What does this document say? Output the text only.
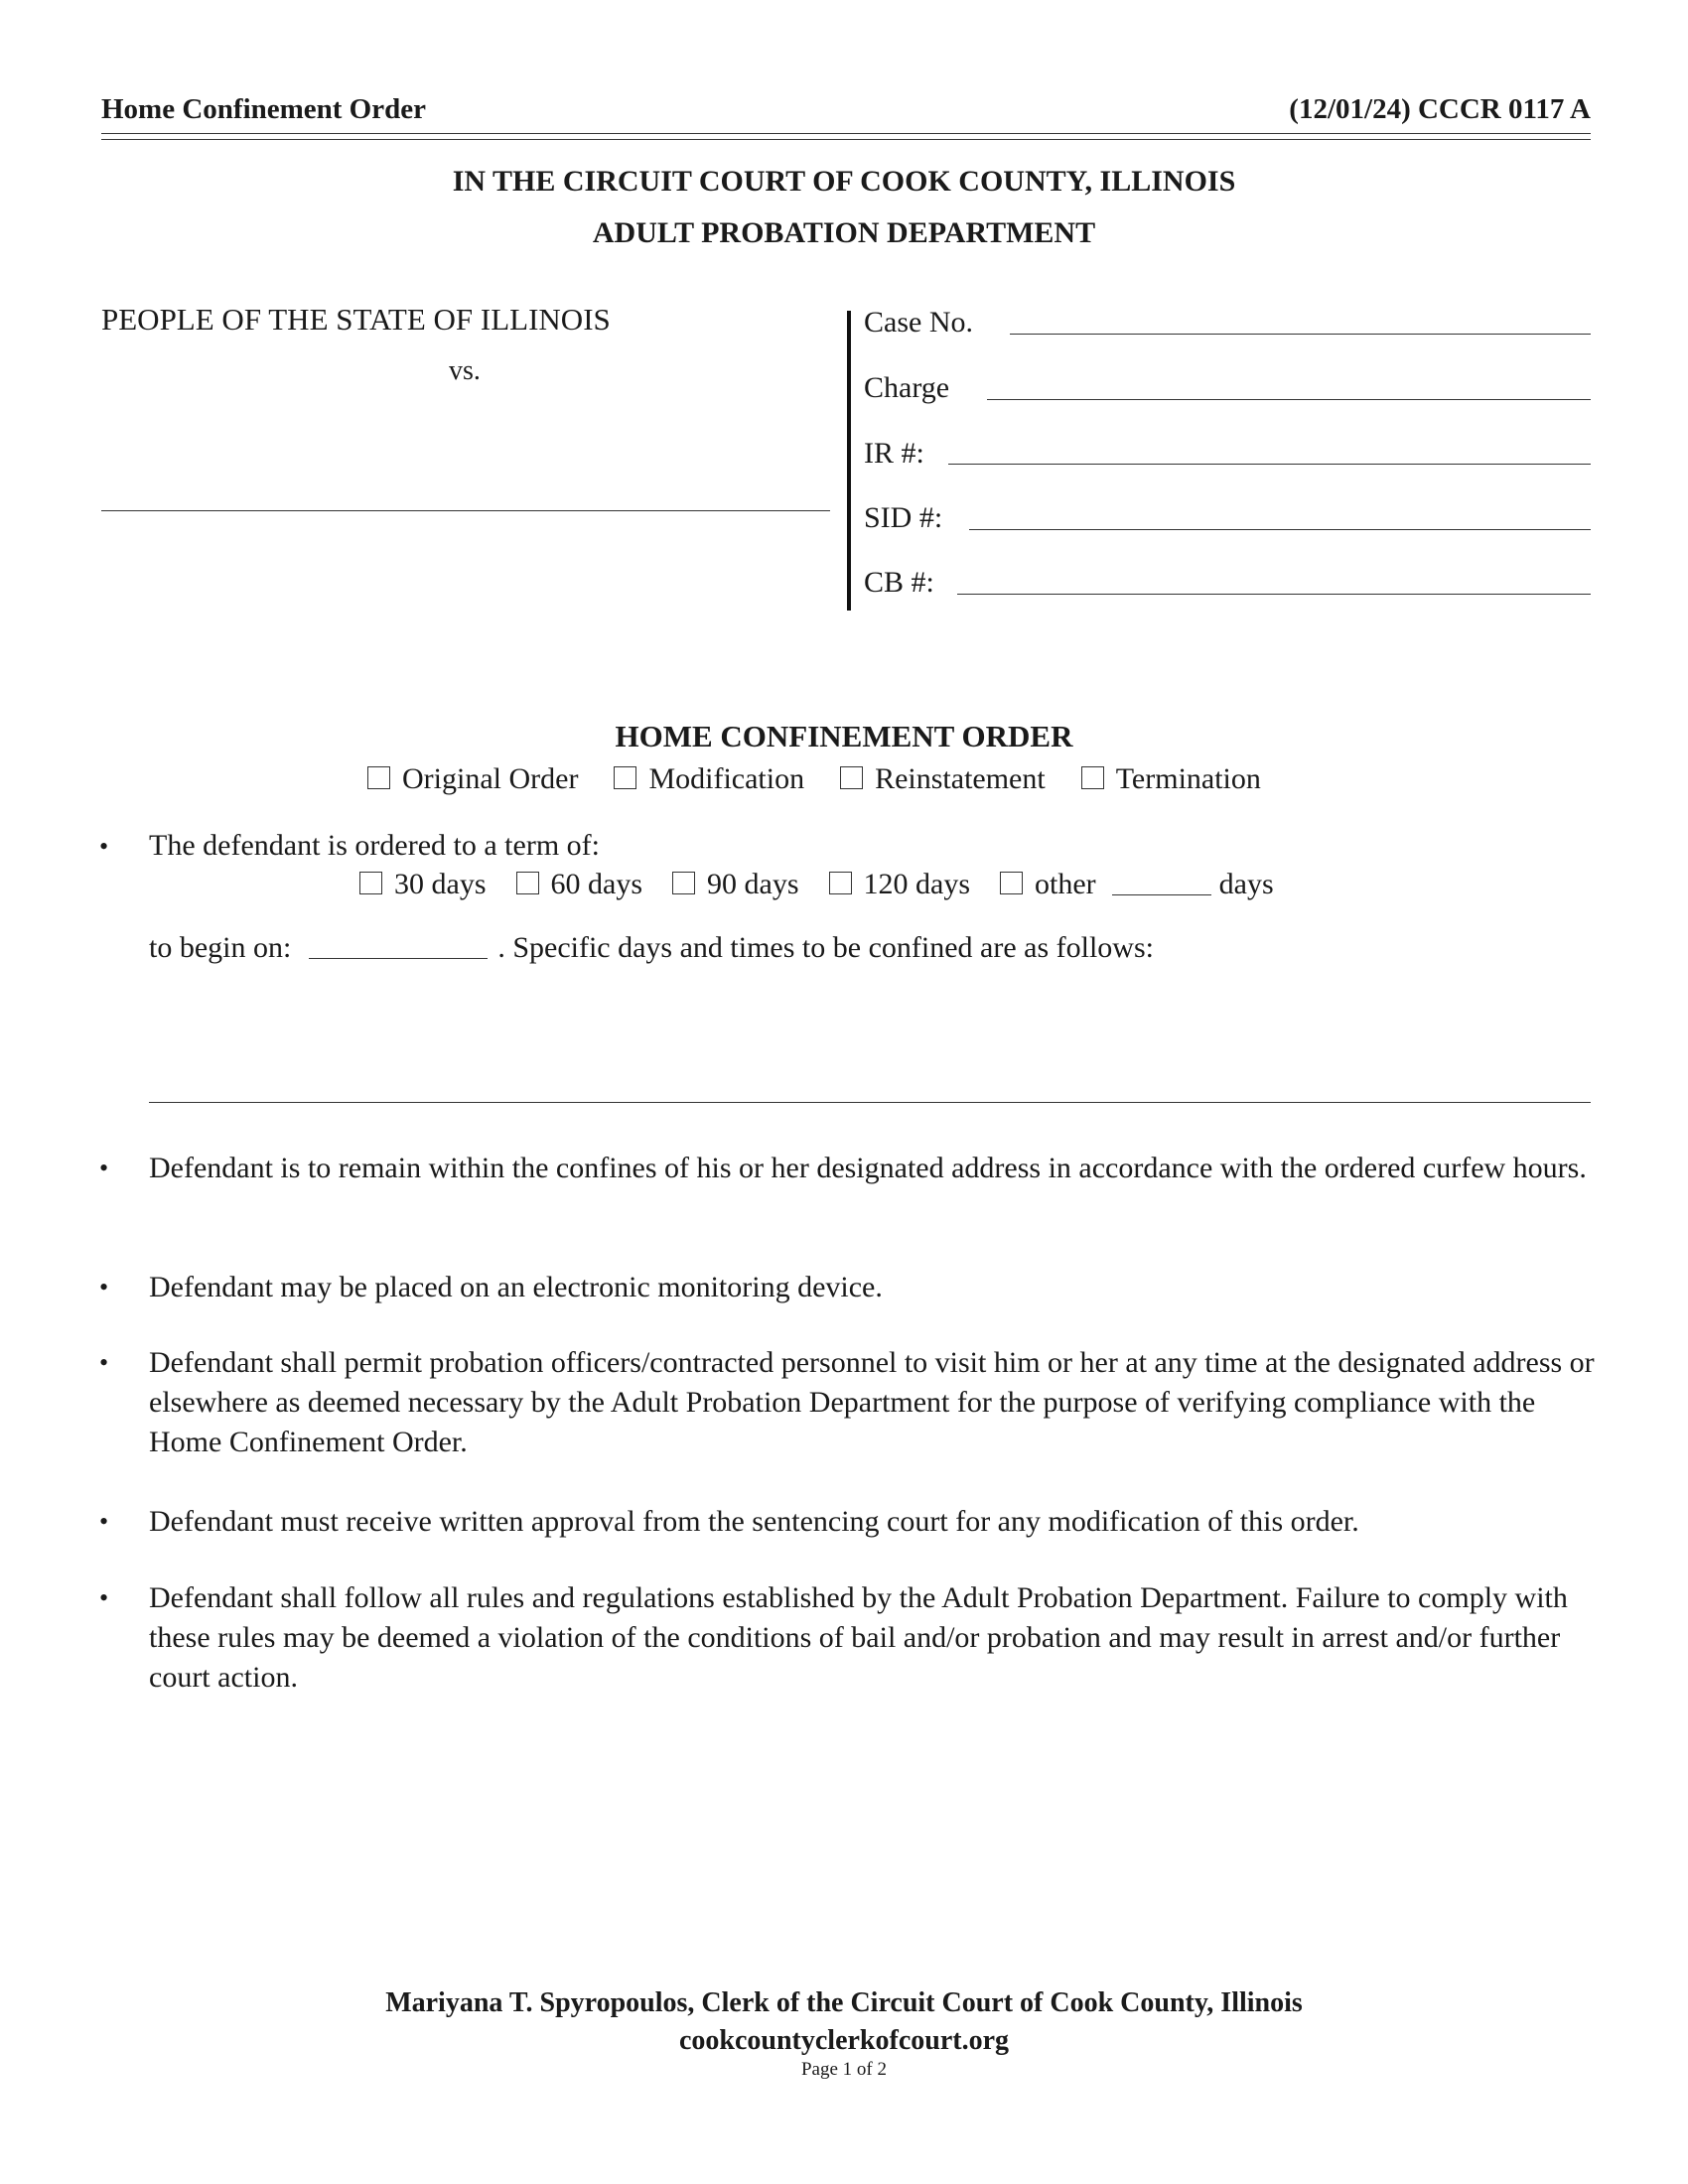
Home Confinement Order	(12/01/24) CCCR 0117 A
IN THE CIRCUIT COURT OF COOK COUNTY, ILLINOIS
ADULT PROBATION DEPARTMENT
PEOPLE OF THE STATE OF ILLINOIS
vs.
Case No.
Charge
IR #:
SID #:
CB #:
HOME CONFINEMENT ORDER
Original Order Modification Reinstatement Termination
• The defendant is ordered to a term of:
30 days 60 days 90 days 120 days other	days
to begin on:	. Specific days and times to be confined are as follows:
• Defendant is to remain within the confines of his or her designated address in accordance with the ordered curfew hours.
• Defendant may be placed on an electronic monitoring device.
• Defendant shall permit probation officers/contracted personnel to visit him or her at any time at the designated address or elsewhere as deemed necessary by the Adult Probation Department for the purpose of verifying compliance with the Home Confinement Order.
• Defendant must receive written approval from the sentencing court for any modification of this order.
• Defendant shall follow all rules and regulations established by the Adult Probation Department. Failure to comply with these rules may be deemed a violation of the conditions of bail and/or probation and may result in arrest and/or further court action.
Mariyana T. Spyropoulos, Clerk of the Circuit Court of Cook County, Illinois
cookcountyclerkofcourt.org
Page 1 of 2
